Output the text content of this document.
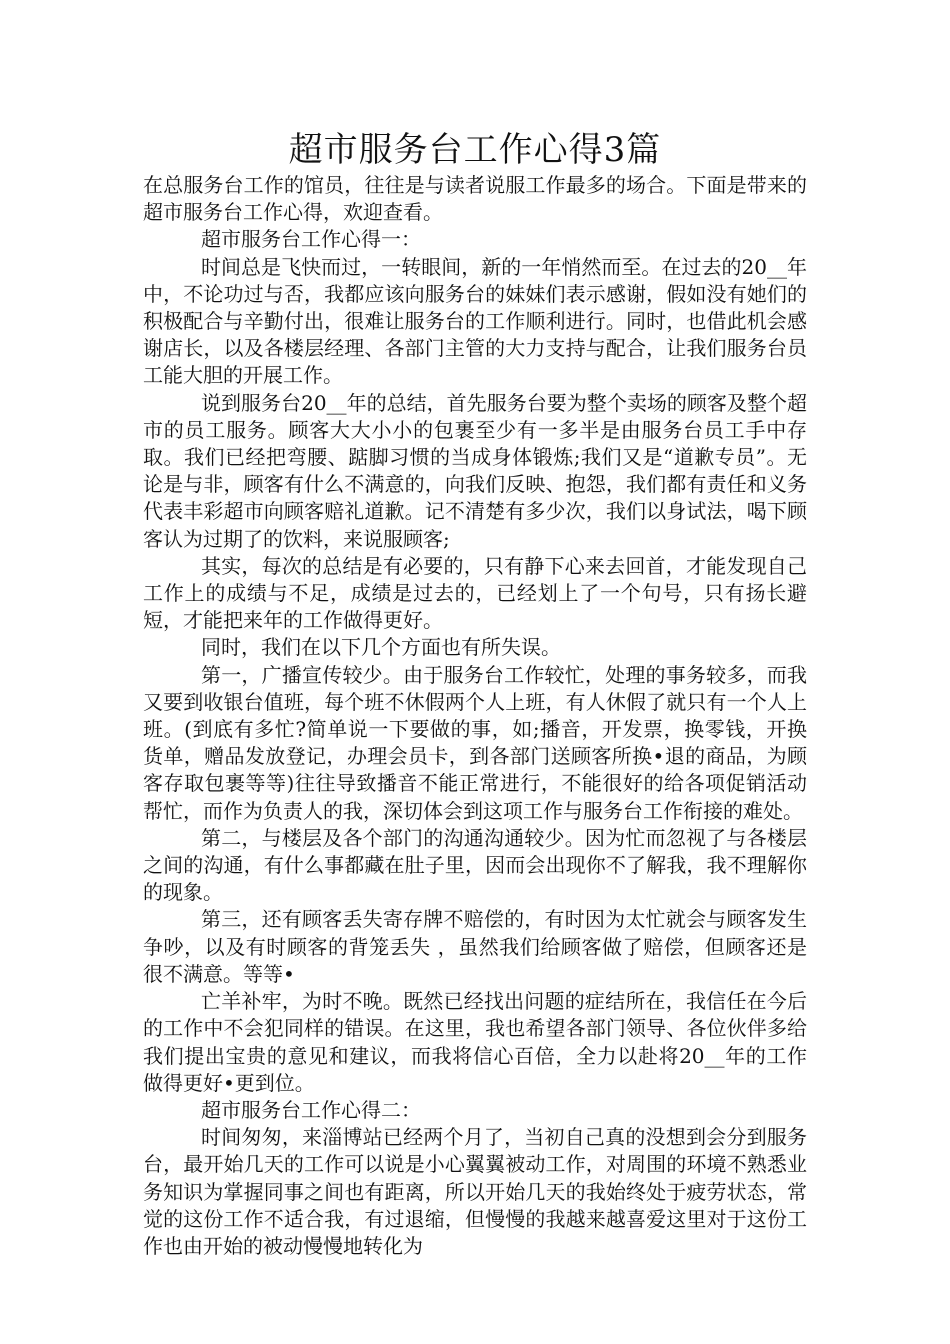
超市服务台工作心得3篇

在总服务台工作的馆员，往往是与读者说服工作最多的场合。下面是带来的超市服务台工作心得，欢迎查看。

超市服务台工作心得一：

时间总是飞快而过，一转眼间，新的一年悄然而至。在过去的20__年中，不论功过与否，我都应该向服务台的妹妹们表示感谢，假如没有她们的积极配合与辛勤付出，很难让服务台的工作顺利进行。同时，也借此机会感谢店长，以及各楼层经理、各部门主管的大力支持与配合，让我们服务台员工能大胆的开展工作。

说到服务台20__年的总结，首先服务台要为整个卖场的顾客及整个超市的员工服务。顾客大大小小的包裹至少有一多半是由服务台员工手中存取。我们已经把弯腰、踮脚习惯的当成身体锻炼;我们又是“道歉专员”。无论是与非，顾客有什么不满意的，向我们反映、抱怨，我们都有责任和义务代表丰彩超市向顾客赔礼道歉。记不清楚有多少次，我们以身试法，喝下顾客认为过期了的饮料，来说服顾客;

其实，每次的总结是有必要的，只有静下心来去回首，才能发现自己工作上的成绩与不足，成绩是过去的，已经划上了一个句号，只有扬长避短，才能把来年的工作做得更好。

同时，我们在以下几个方面也有所失误。

第一，广播宣传较少。由于服务台工作较忙，处理的事务较多，而我又要到收银台值班，每个班不休假两个人上班，有人休假了就只有一个人上班。(到底有多忙?简单说一下要做的事，如;播音，开发票，换零钱，开换货单，赠品发放登记，办理会员卡，到各部门送顾客所换•退的商品，为顾客存取包裹等等)往往导致播音不能正常进行，不能很好的给各项促销活动帮忙，而作为负责人的我，深切体会到这项工作与服务台工作衔接的难处。

第二，与楼层及各个部门的沟通沟通较少。因为忙而忽视了与各楼层之间的沟通，有什么事都藏在肚子里，因而会出现你不了解我，我不理解你的现象。

第三，还有顾客丢失寄存牌不赔偿的，有时因为太忙就会与顾客发生争吵，以及有时顾客的背笼丢失 ，虽然我们给顾客做了赔偿，但顾客还是很不满意。等等•

亡羊补牢，为时不晚。既然已经找出问题的症结所在，我信任在今后的工作中不会犯同样的错误。在这里，我也希望各部门领导、各位伙伴多给我们提出宝贵的意见和建议，而我将信心百倍，全力以赴将20__年的工作做得更好•更到位。

超市服务台工作心得二：

时间匆匆，来淄博站已经两个月了，当初自己真的没想到会分到服务台，最开始几天的工作可以说是小心翼翼被动工作，对周围的环境不熟悉业务知识为掌握同事之间也有距离，所以开始几天的我始终处于疲劳状态，常觉的这份工作不适合我，有过退缩，但慢慢的我越来越喜爱这里对于这份工作也由开始的被动慢慢地转化为
